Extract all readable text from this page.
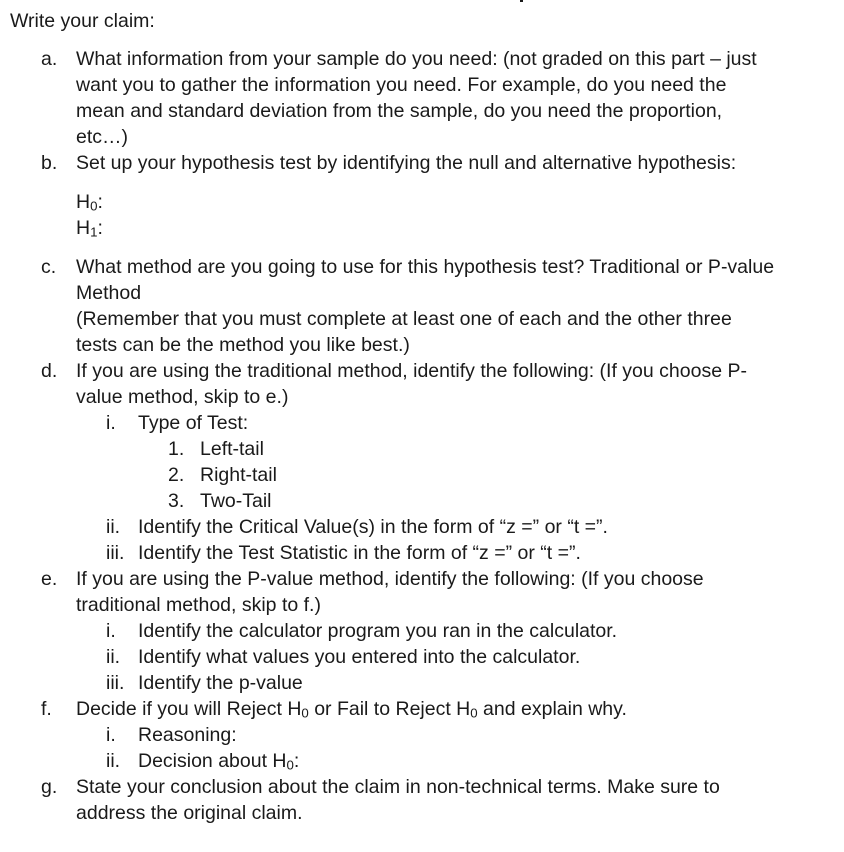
Write your claim:
a. What information from your sample do you need: (not graded on this part – just
want you to gather the information you need. For example, do you need the
mean and standard deviation from the sample, do you need the proportion,
etc…)
b. Set up your hypothesis test by identifying the null and alternative hypothesis:
$H_0$:
$H_1$:
c. What method are you going to use for this hypothesis test? Traditional or P-value
Method
(Remember that you must complete at least one of each and the other three
tests can be the method you like best.)
d. If you are using the traditional method, identify the following: (If you choose P-
value method, skip to e.)
i. Type of Test:
1. Left-tail
2. Right-tail
3. Two-Tail
ii. Identify the Critical Value(s) in the form of “z =” or “t =”.
iii. Identify the Test Statistic in the form of “z =” or “t =”.
e. If you are using the P-value method, identify the following: (If you choose
traditional method, skip to f.)
i. Identify the calculator program you ran in the calculator.
ii. Identify what values you entered into the calculator.
iii. Identify the p-value
f. Decide if you will Reject $H_0$ or Fail to Reject $H_0$ and explain why.
i. Reasoning:
ii. Decision about $H_0$:
g. State your conclusion about the claim in non-technical terms. Make sure to
address the original claim.
